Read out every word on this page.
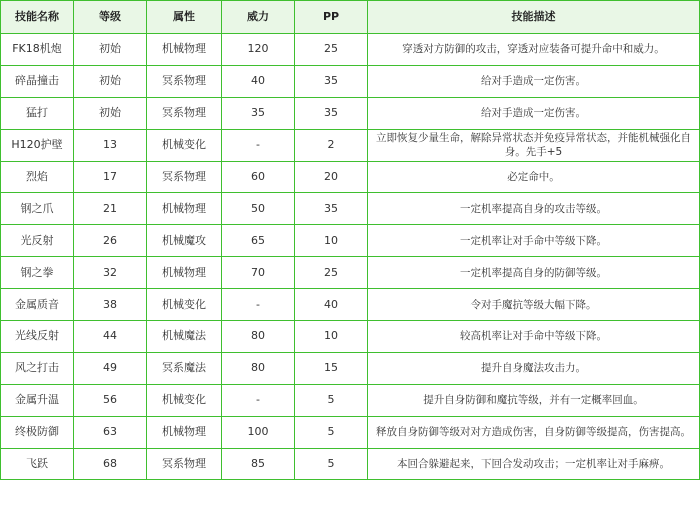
技能名称	等级	属性	威力	PP	技能描述
FK18机炮	初始	机械物理	120	25	穿透对方防御的攻击，穿透对应装备可提升命中和威力。
碎晶撞击	初始	冥系物理	40	35	给对手造成一定伤害。
猛打	初始	冥系物理	35	35	给对手造成一定伤害。
H120护壁	13	机械变化	-	2	立即恢复少量生命，解除异常状态并免疫异常状态，并能机械强化自身。先手+5
烈焰	17	冥系物理	60	20	必定命中。
钢之爪	21	机械物理	50	35	一定机率提高自身的攻击等级。
光反射	26	机械魔攻	65	10	一定机率让对手命中等级下降。
钢之拳	32	机械物理	70	25	一定机率提高自身的防御等级。
金属质音	38	机械变化	-	40	令对手魔抗等级大幅下降。
光线反射	44	机械魔法	80	10	较高机率让对手命中等级下降。
风之打击	49	冥系魔法	80	15	提升自身魔法攻击力。
金属升温	56	机械变化	-	5	提升自身防御和魔抗等级，并有一定概率回血。
终极防御	63	机械物理	100	5	释放自身防御等级对对方造成伤害，自身防御等级提高，伤害提高。
飞跃	68	冥系物理	85	5	本回合躲避起来，下回合发动攻击；一定机率让对手麻痹。
